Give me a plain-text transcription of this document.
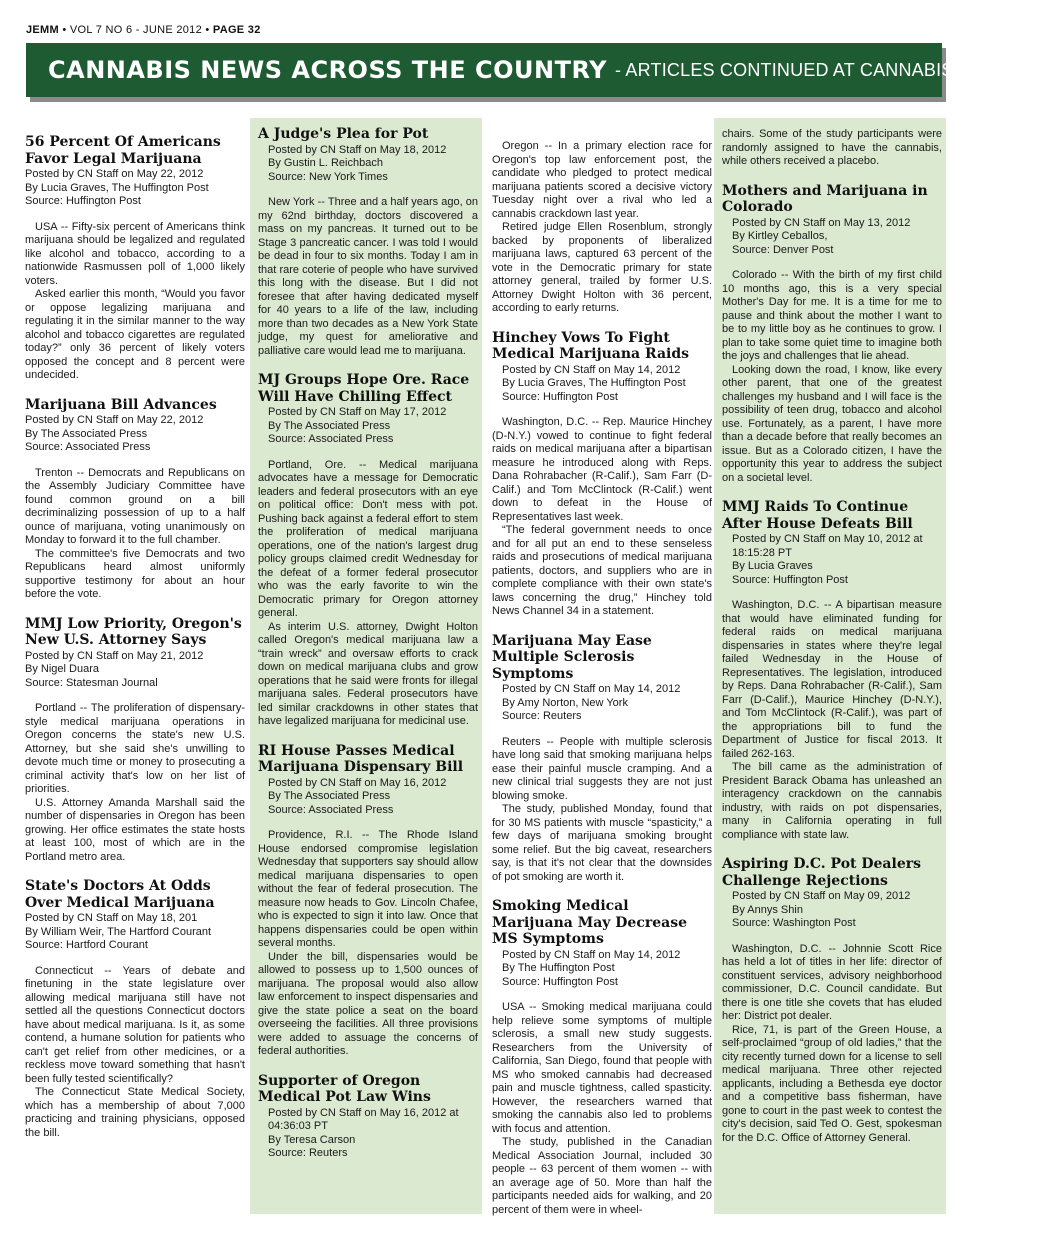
JEMM • VOL 7 NO 6 - JUNE 2012 • PAGE 32
CANNABIS NEWS ACROSS THE COUNTRY - ARTICLES CONTINUED AT CANNABISNEWS.COM
56 Percent Of Americans Favor Legal Marijuana
Posted by CN Staff on May 22, 2012
By Lucia Graves, The Huffington Post
Source: Huffington Post

USA -- Fifty-six percent of Americans think marijuana should be legalized and regulated like alcohol and tobacco, according to a nationwide Rasmussen poll of 1,000 likely voters.

Asked earlier this month, “Would you favor or oppose legalizing marijuana and regulating it in the similar manner to the way alcohol and tobacco cigarettes are regulated today?” only 36 percent of likely voters opposed the concept and 8 percent were undecided.

Marijuana Bill Advances
Posted by CN Staff on May 22, 2012
By The Associated Press
Source: Associated Press

Trenton -- Democrats and Republicans on the Assembly Judiciary Committee have found common ground on a bill decriminalizing possession of up to a half ounce of marijuana, voting unanimously on Monday to forward it to the full chamber.

The committee's five Democrats and two Republicans heard almost uniformly supportive testimony for about an hour before the vote.

MMJ Low Priority, Oregon's New U.S. Attorney Says
Posted by CN Staff on May 21, 2012
By Nigel Duara
Source: Statesman Journal

Portland -- The proliferation of dispensary-style medical marijuana operations in Oregon concerns the state's new U.S. Attorney, but she said she's unwilling to devote much time or money to prosecuting a criminal activity that's low on her list of priorities.

U.S. Attorney Amanda Marshall said the number of dispensaries in Oregon has been growing. Her office estimates the state hosts at least 100, most of which are in the Portland metro area.

State's Doctors At Odds Over Medical Marijuana
Posted by CN Staff on May 18, 201
By William Weir, The Hartford Courant
Source: Hartford Courant

Connecticut -- Years of debate and finetuning in the state legislature over allowing medical marijuana still have not settled all the questions Connecticut doctors have about medical marijuana. Is it, as some contend, a humane solution for patients who can't get relief from other medicines, or a reckless move toward something that hasn't been fully tested scientifically?

The Connecticut State Medical Society, which has a membership of about 7,000 practicing and training physicians, opposed the bill.

A Judge's Plea for Pot
Posted by CN Staff on May 18, 2012
By Gustin L. Reichbach
Source: New York Times

New York -- Three and a half years ago, on my 62nd birthday, doctors discovered a mass on my pancreas. It turned out to be Stage 3 pancreatic cancer. I was told I would be dead in four to six months. Today I am in that rare coterie of people who have survived this long with the disease. But I did not foresee that after having dedicated myself for 40 years to a life of the law, including more than two decades as a New York State judge, my quest for ameliorative and palliative care would lead me to marijuana.

MJ Groups Hope Ore. Race Will Have Chilling Effect
Posted by CN Staff on May 17, 2012
By The Associated Press
Source: Associated Press

Portland, Ore. -- Medical marijuana advocates have a message for Democratic leaders and federal prosecutors with an eye on political office: Don't mess with pot. Pushing back against a federal effort to stem the proliferation of medical marijuana operations, one of the nation's largest drug policy groups claimed credit Wednesday for the defeat of a former federal prosecutor who was the early favorite to win the Democratic primary for Oregon attorney general.

As interim U.S. attorney, Dwight Holton called Oregon's medical marijuana law a “train wreck” and oversaw efforts to crack down on medical marijuana clubs and grow operations that he said were fronts for illegal marijuana sales. Federal prosecutors have led similar crackdowns in other states that have legalized marijuana for medicinal use.

RI House Passes Medical Marijuana Dispensary Bill
Posted by CN Staff on May 16, 2012
By The Associated Press
Source: Associated Press

Providence, R.I. -- The Rhode Island House endorsed compromise legislation Wednesday that supporters say should allow medical marijuana dispensaries to open without the fear of federal prosecution. The measure now heads to Gov. Lincoln Chafee, who is expected to sign it into law. Once that happens dispensaries could be open within several months.

Under the bill, dispensaries would be allowed to possess up to 1,500 ounces of marijuana. The proposal would also allow law enforcement to inspect dispensaries and give the state police a seat on the board overseeing the facilities. All three provisions were added to assuage the concerns of federal authorities.

Supporter of Oregon Medical Pot Law Wins
Posted by CN Staff on May 16, 2012 at 04:36:03 PT
By Teresa Carson
Source: Reuters

Oregon -- In a primary election race for Oregon's top law enforcement post, the candidate who pledged to protect medical marijuana patients scored a decisive victory Tuesday night over a rival who led a cannabis crackdown last year.

Retired judge Ellen Rosenblum, strongly backed by proponents of liberalized marijuana laws, captured 63 percent of the vote in the Democratic primary for state attorney general, trailed by former U.S. Attorney Dwight Holton with 36 percent, according to early returns.

Hinchey Vows To Fight Medical Marijuana Raids
Posted by CN Staff on May 14, 2012
By Lucia Graves, The Huffington Post
Source: Huffington Post

Washington, D.C. -- Rep. Maurice Hinchey (D-N.Y.) vowed to continue to fight federal raids on medical marijuana after a bipartisan measure he introduced along with Reps. Dana Rohrabacher (R-Calif.), Sam Farr (D-Calif.) and Tom McClintock (R-Calif.) went down to defeat in the House of Representatives last week.

“The federal government needs to once and for all put an end to these senseless raids and prosecutions of medical marijuana patients, doctors, and suppliers who are in complete compliance with their own state's laws concerning the drug,” Hinchey told News Channel 34 in a statement.

Marijuana May Ease Multiple Sclerosis Symptoms
Posted by CN Staff on May 14, 2012
By Amy Norton, New York
Source: Reuters

Reuters -- People with multiple sclerosis have long said that smoking marijuana helps ease their painful muscle cramping. And a new clinical trial suggests they are not just blowing smoke.

The study, published Monday, found that for 30 MS patients with muscle “spasticity,” a few days of marijuana smoking brought some relief. But the big caveat, researchers say, is that it's not clear that the downsides of pot smoking are worth it.

Smoking Medical Marijuana May Decrease MS Symptoms
Posted by CN Staff on May 14, 2012
By The Huffington Post
Source: Huffington Post

USA -- Smoking medical marijuana could help relieve some symptoms of multiple sclerosis, a small new study suggests. Researchers from the University of California, San Diego, found that people with MS who smoked cannabis had decreased pain and muscle tightness, called spasticity. However, the researchers warned that smoking the cannabis also led to problems with focus and attention.

The study, published in the Canadian Medical Association Journal, included 30 people -- 63 percent of them women -- with an average age of 50. More than half the participants needed aids for walking, and 20 percent of them were in wheel-

chairs. Some of the study participants were randomly assigned to have the cannabis, while others received a placebo.

Mothers and Marijuana in Colorado
Posted by CN Staff on May 13, 2012
By Kirtley Ceballos,
Source: Denver Post

Colorado -- With the birth of my first child 10 months ago, this is a very special Mother's Day for me. It is a time for me to pause and think about the mother I want to be to my little boy as he continues to grow. I plan to take some quiet time to imagine both the joys and challenges that lie ahead.

Looking down the road, I know, like every other parent, that one of the greatest challenges my husband and I will face is the possibility of teen drug, tobacco and alcohol use. Fortunately, as a parent, I have more than a decade before that really becomes an issue. But as a Colorado citizen, I have the opportunity this year to address the subject on a societal level.

MMJ Raids To Continue After House Defeats Bill
Posted by CN Staff on May 10, 2012 at 18:15:28 PT
By Lucia Graves
Source: Huffington Post

Washington, D.C. -- A bipartisan measure that would have eliminated funding for federal raids on medical marijuana dispensaries in states where they're legal failed Wednesday in the House of Representatives. The legislation, introduced by Reps. Dana Rohrabacher (R-Calif.), Sam Farr (D-Calif.), Maurice Hinchey (D-N.Y.), and Tom McClintock (R-Calif.), was part of the appropriations bill to fund the Department of Justice for fiscal 2013. It failed 262-163.

The bill came as the administration of President Barack Obama has unleashed an interagency crackdown on the cannabis industry, with raids on pot dispensaries, many in California operating in full compliance with state law.

Aspiring D.C. Pot Dealers Challenge Rejections
Posted by CN Staff on May 09, 2012
By Annys Shin
Source: Washington Post

Washington, D.C. -- Johnnie Scott Rice has held a lot of titles in her life: director of constituent services, advisory neighborhood commissioner, D.C. Council candidate. But there is one title she covets that has eluded her: District pot dealer.

Rice, 71, is part of the Green House, a self-proclaimed “group of old ladies,” that the city recently turned down for a license to sell medical marijuana. Three other rejected applicants, including a Bethesda eye doctor and a competitive bass fisherman, have gone to court in the past week to contest the city's decision, said Ted O. Gest, spokesman for the D.C. Office of Attorney General.
